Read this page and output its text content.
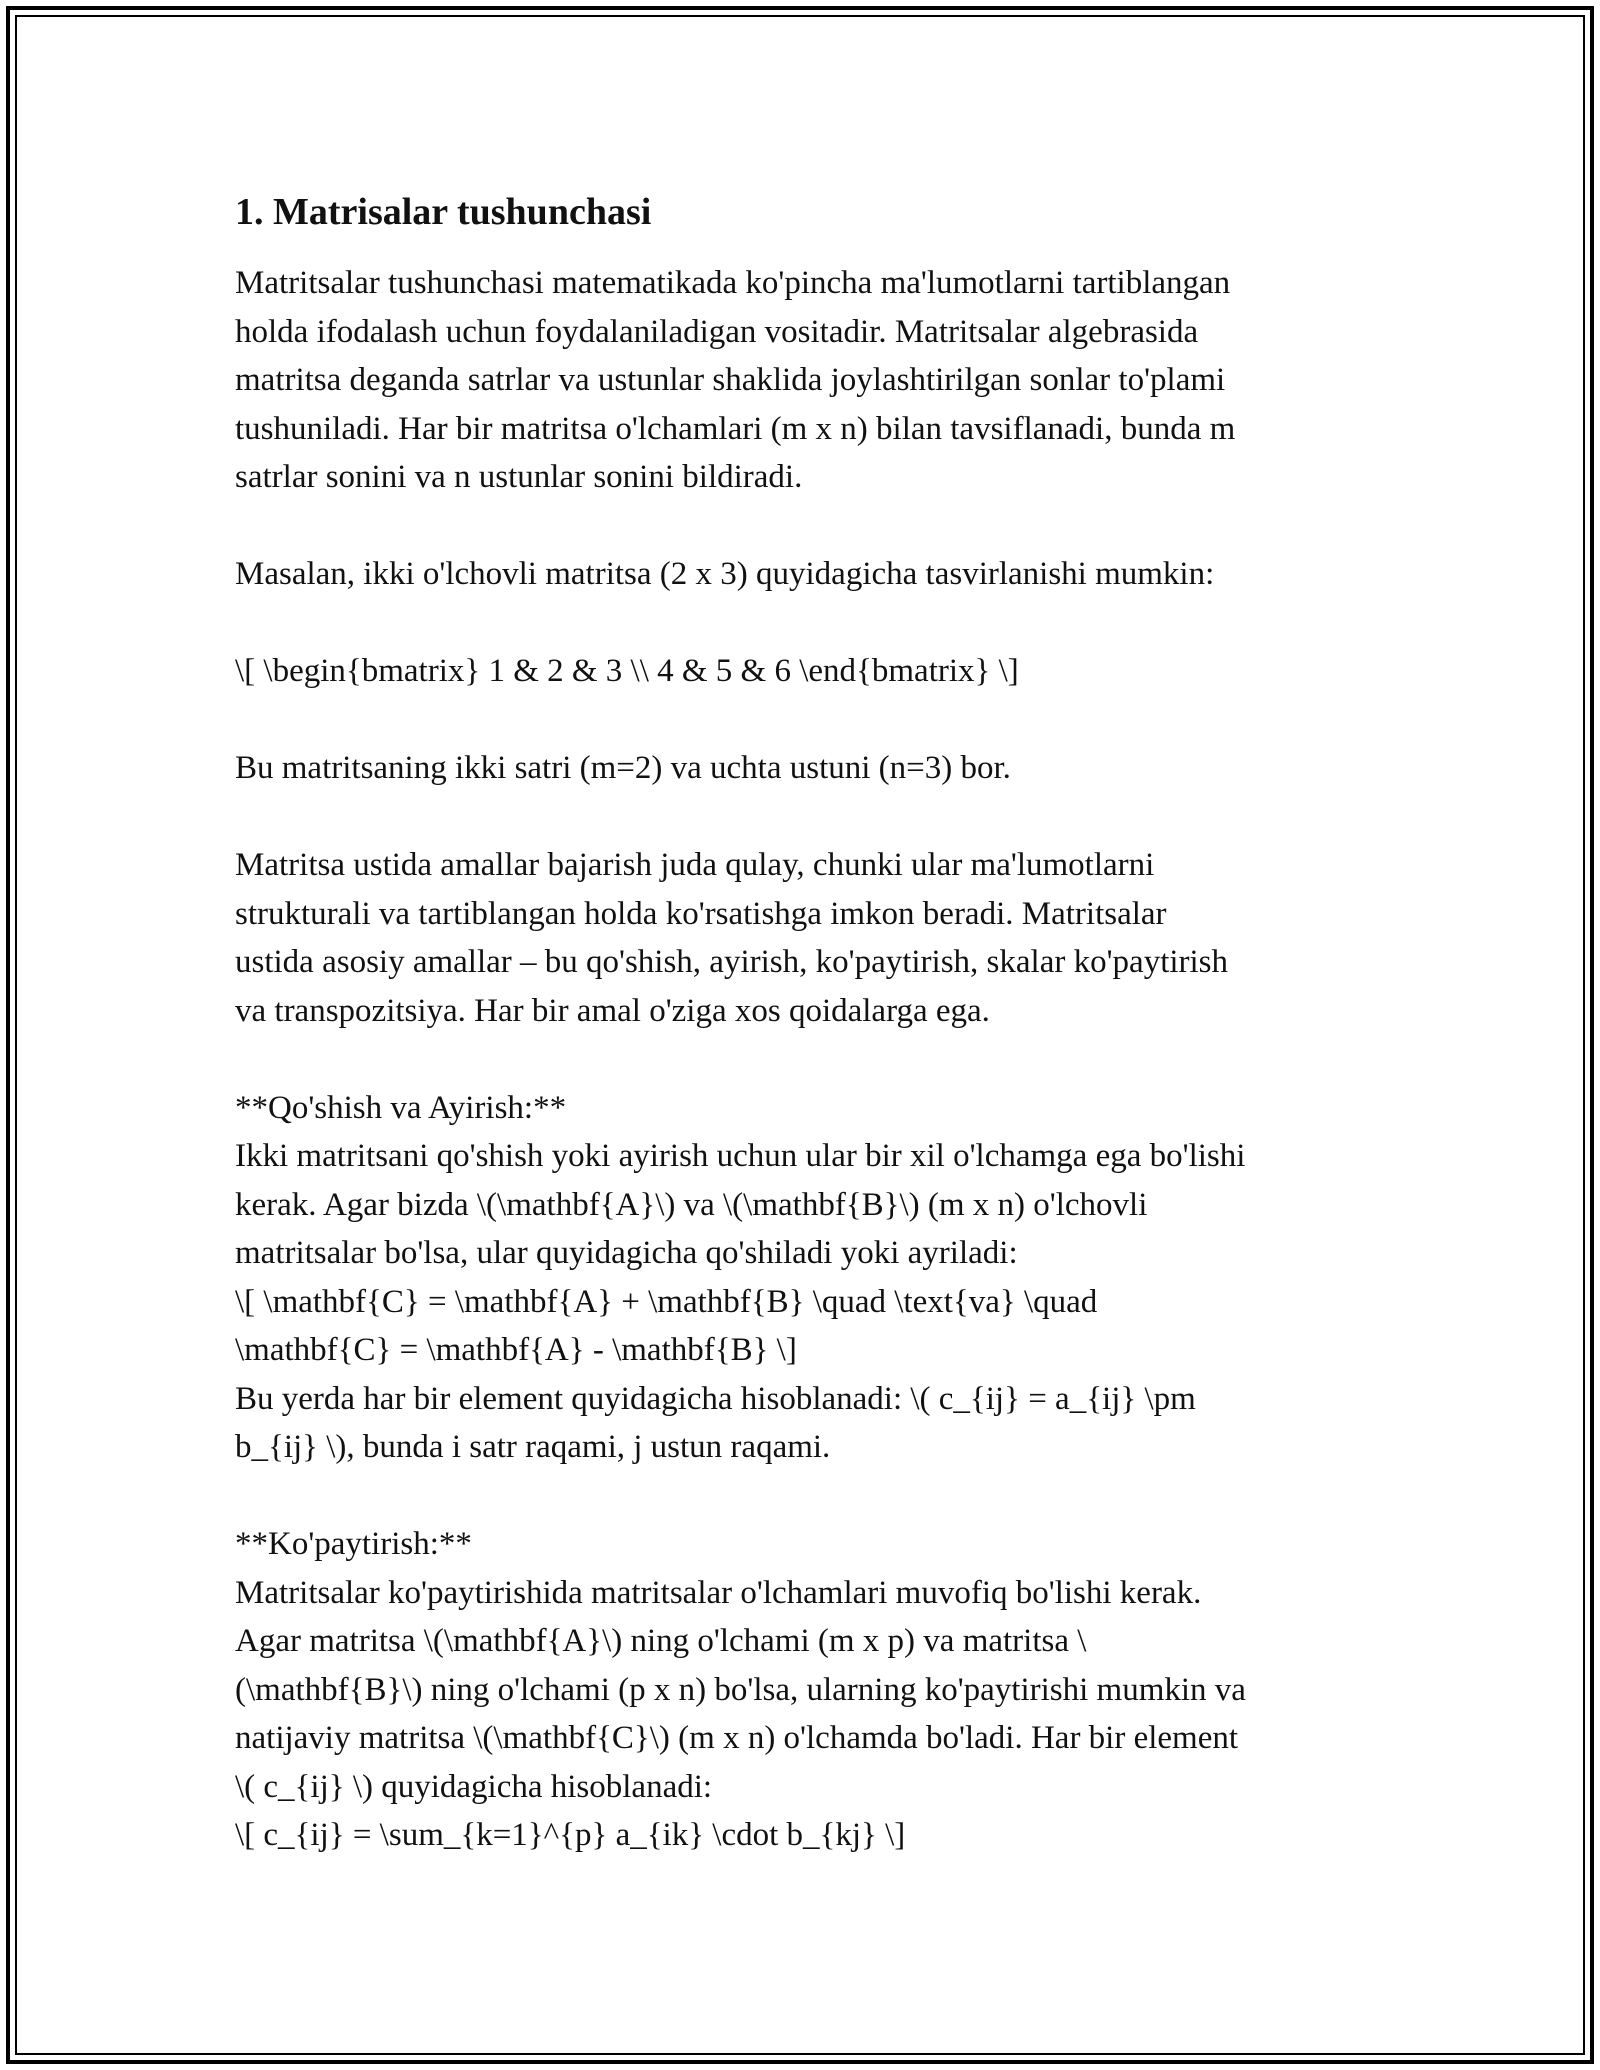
1. Matrisalar tushunchasi
Matritsalar tushunchasi matematikada ko'pincha ma'lumotlarni tartiblangan
holda ifodalash uchun foydalaniladigan vositadir. Matritsalar algebrasida
matritsa deganda satrlar va ustunlar shaklida joylashtirilgan sonlar to'plami
tushuniladi. Har bir matritsa o'lchamlari (m x n) bilan tavsiflanadi, bunda m
satrlar sonini va n ustunlar sonini bildiradi.
Masalan, ikki o'lchovli matritsa (2 x 3) quyidagicha tasvirlanishi mumkin:
\[ \begin{bmatrix} 1 & 2 & 3 \\ 4 & 5 & 6 \end{bmatrix} \]
Bu matritsaning ikki satri (m=2) va uchta ustuni (n=3) bor.
Matritsa ustida amallar bajarish juda qulay, chunki ular ma'lumotlarni
strukturali va tartiblangan holda ko'rsatishga imkon beradi. Matritsalar
ustida asosiy amallar – bu qo'shish, ayirish, ko'paytirish, skalar ko'paytirish
va transpozitsiya. Har bir amal o'ziga xos qoidalarga ega.
**Qo'shish va Ayirish:**
Ikki matritsani qo'shish yoki ayirish uchun ular bir xil o'lchamga ega bo'lishi
kerak. Agar bizda \(\mathbf{A}\) va \(\mathbf{B}\) (m x n) o'lchovli
matritsalar bo'lsa, ular quyidagicha qo'shiladi yoki ayriladi:
\[ \mathbf{C} = \mathbf{A} + \mathbf{B} \quad \text{va} \quad
\mathbf{C} = \mathbf{A} - \mathbf{B} \]
Bu yerda har bir element quyidagicha hisoblanadi: \( c_{ij} = a_{ij} \pm
b_{ij} \), bunda i satr raqami, j ustun raqami.
**Ko'paytirish:**
Matritsalar ko'paytirishida matritsalar o'lchamlari muvofiq bo'lishi kerak.
Agar matritsa \(\mathbf{A}\) ning o'lchami (m x p) va matritsa \
(\mathbf{B}\) ning o'lchami (p x n) bo'lsa, ularning ko'paytirishi mumkin va
natijaviy matritsa \(\mathbf{C}\) (m x n) o'lchamda bo'ladi. Har bir element
\( c_{ij} \) quyidagicha hisoblanadi:
\[ c_{ij} = \sum_{k=1}^{p} a_{ik} \cdot b_{kj} \]
